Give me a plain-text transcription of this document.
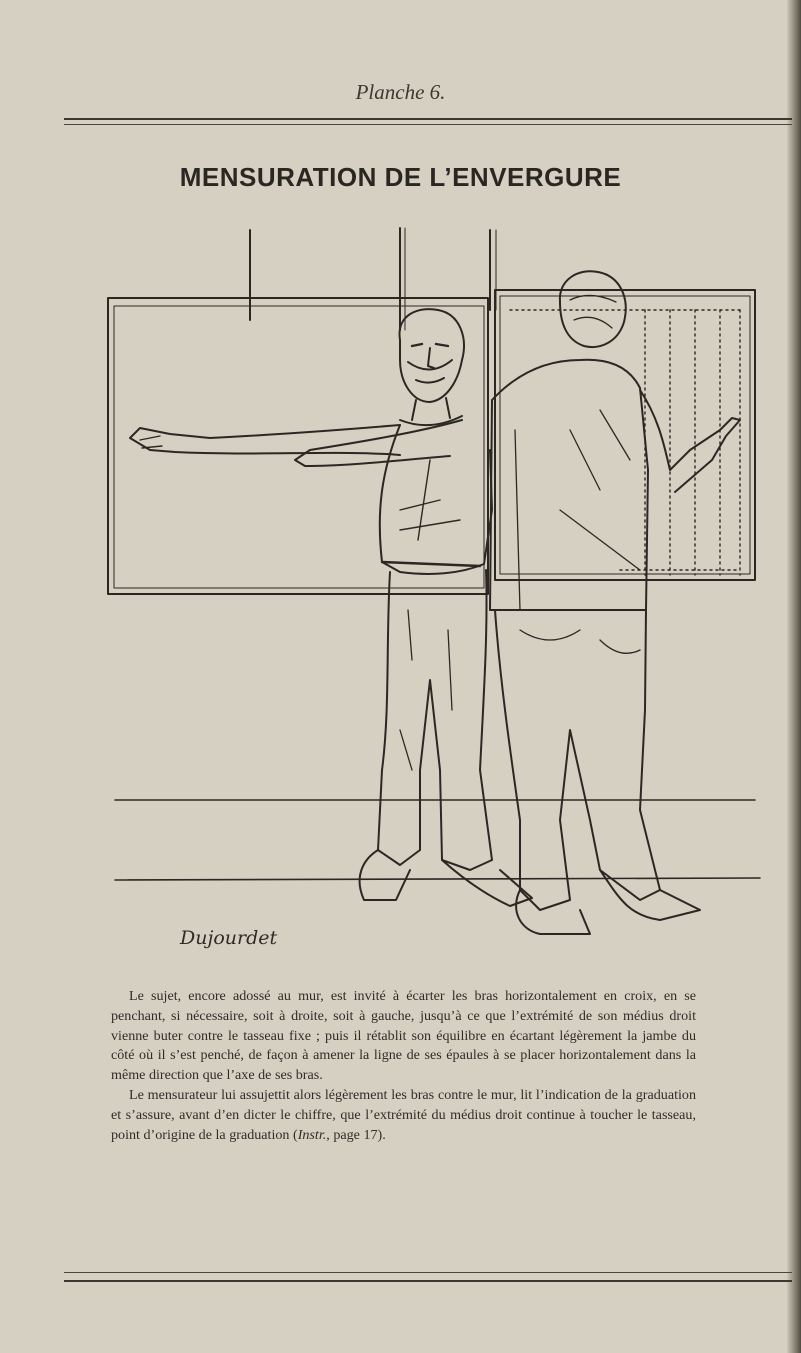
Planche 6.
MENSURATION DE L’ENVERGURE
Dujourdet

Le sujet, encore adossé au mur, est invité à écarter les bras horizontalement en croix, en se penchant, si nécessaire, soit à droite, soit à gauche, jusqu’à ce que l’extrémité de son médius droit vienne buter contre le tasseau fixe ; puis il rétablit son équilibre en écartant légèrement la jambe du côté où il s’est penché, de façon à amener la ligne de ses épaules à se placer horizontalement dans la même direction que l’axe de ses bras.

Le mensurateur lui assujettit alors légèrement les bras contre le mur, lit l’indication de la graduation et s’assure, avant d’en dicter le chiffre, que l’extrémité du médius droit continue à toucher le tasseau, point d’origine de la graduation (Instr., page 17).
